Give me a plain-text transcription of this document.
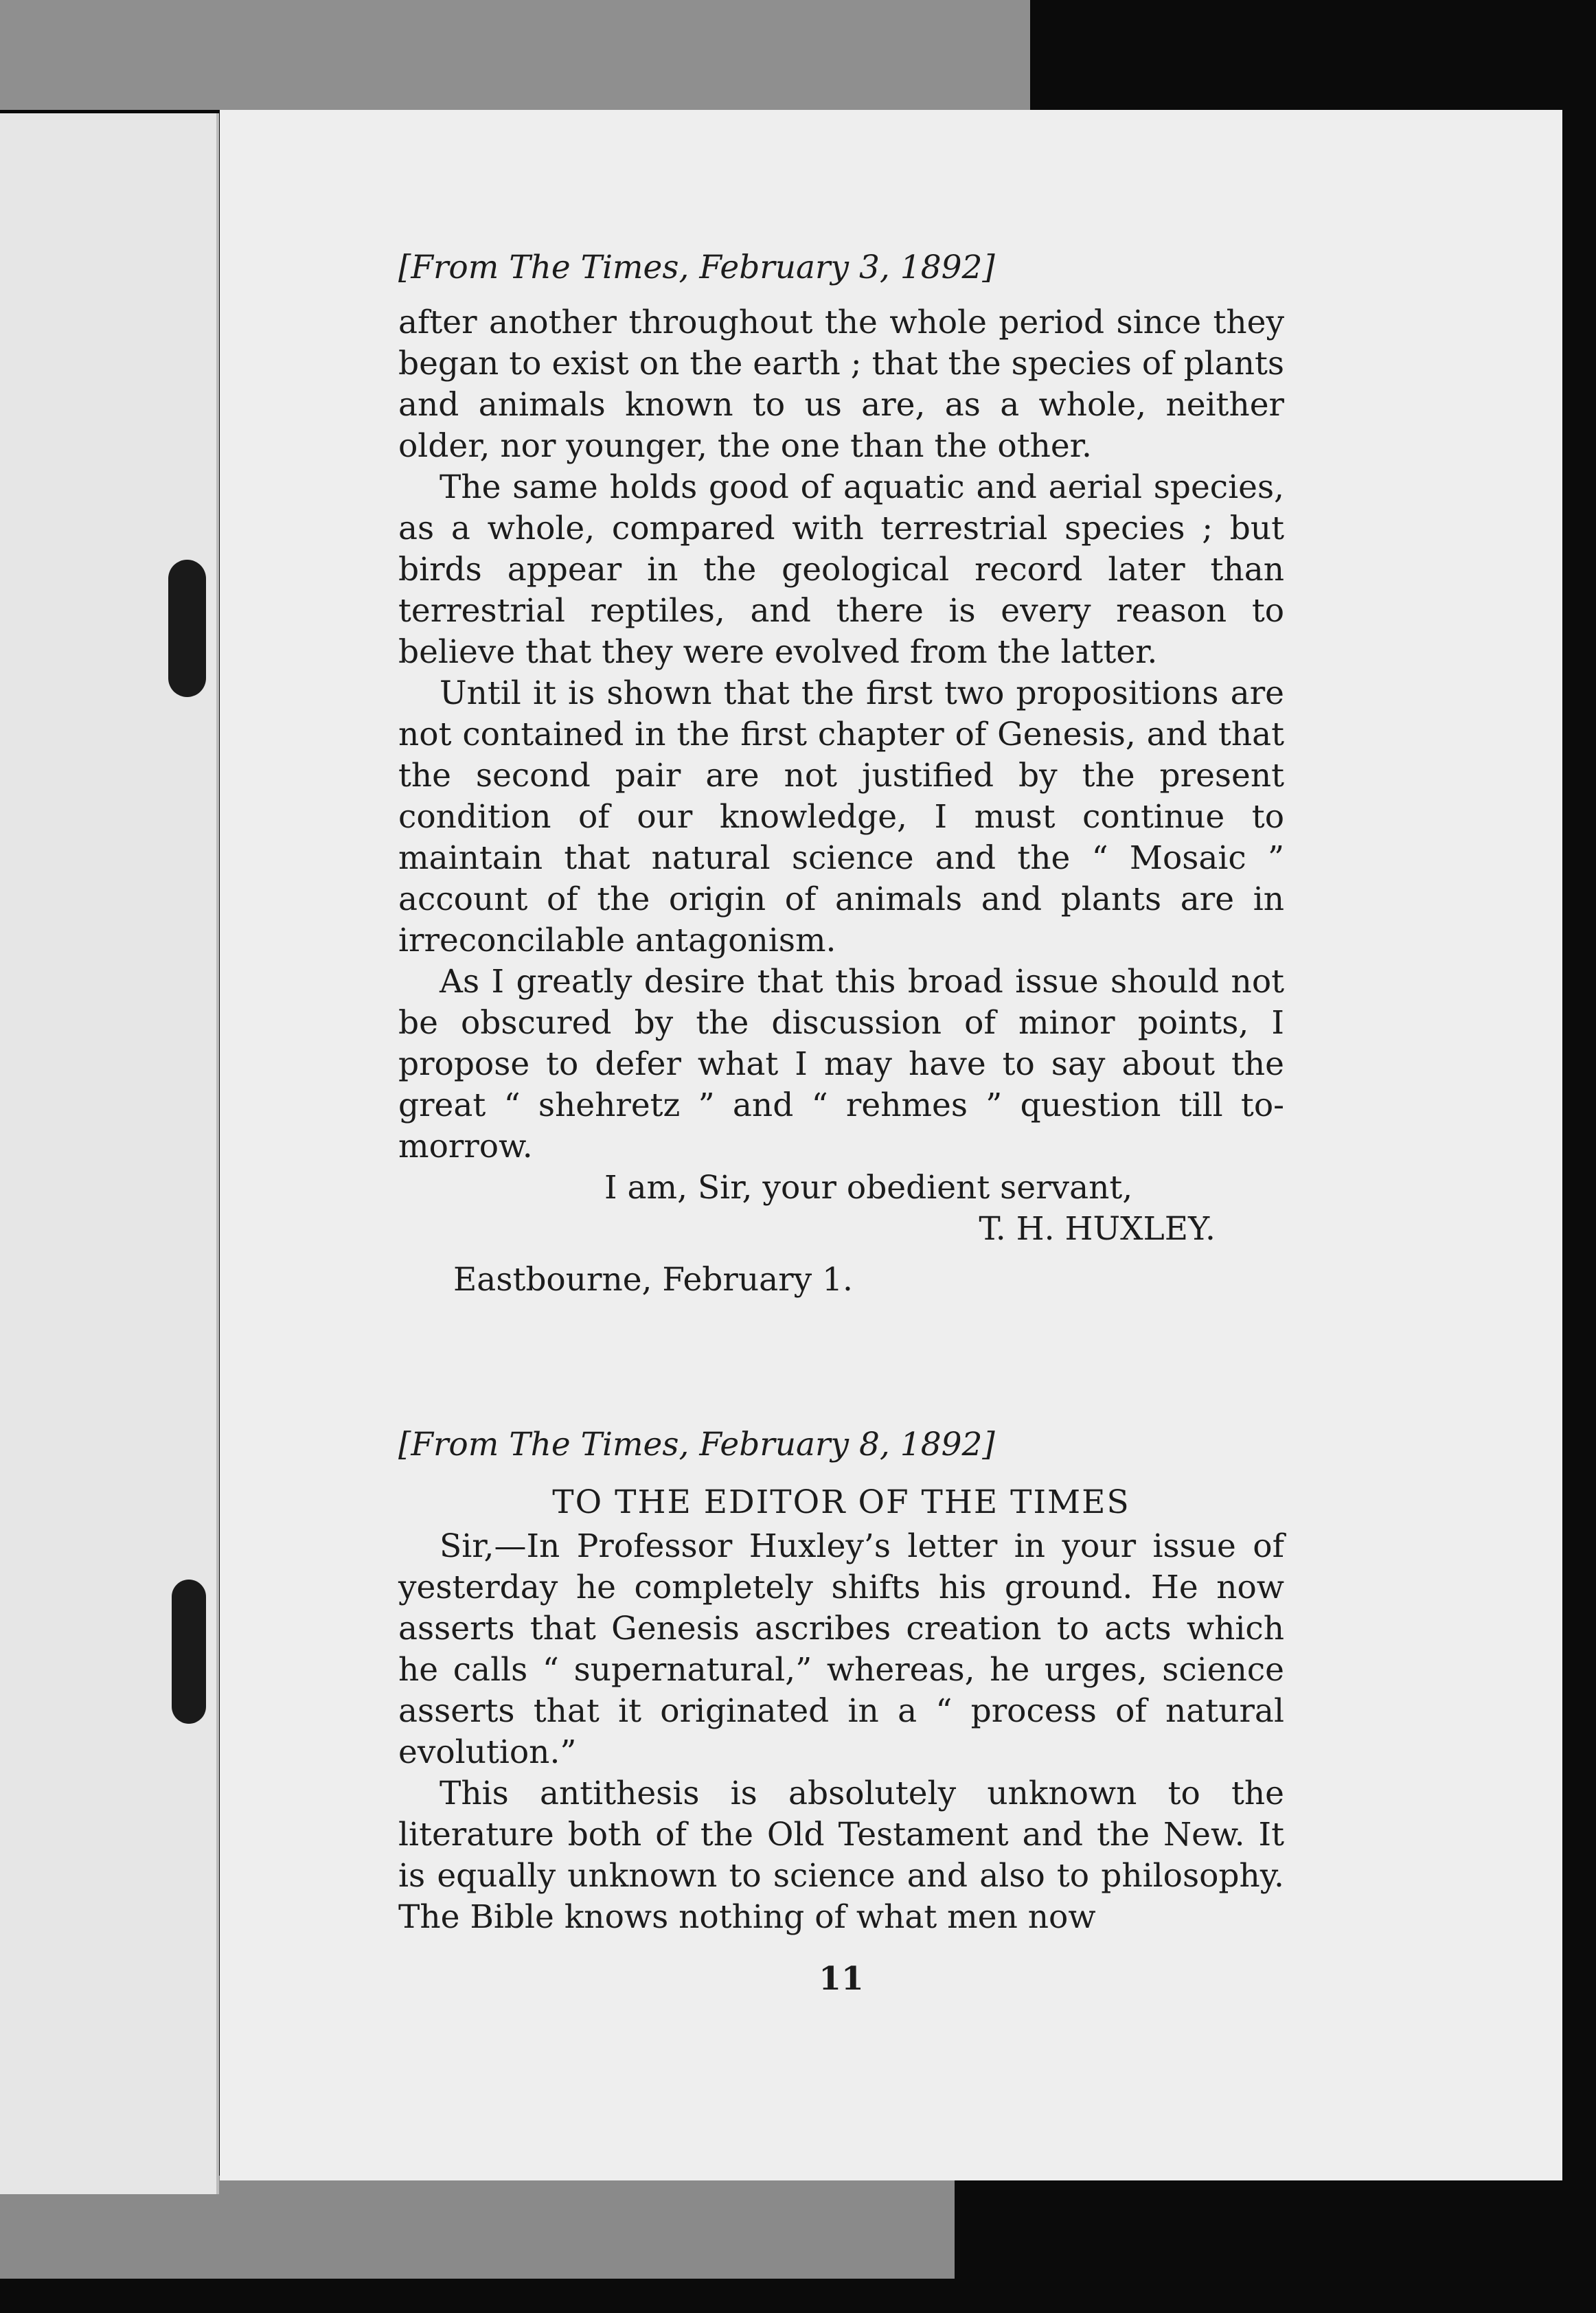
[From The Times, February 3, 1892]

after another throughout the whole period since they began to exist on the earth ; that the species of plants and animals known to us are, as a whole, neither older, nor younger, the one than the other.

The same holds good of aquatic and aerial species, as a whole, compared with terrestrial species ; but birds appear in the geological record later than terrestrial reptiles, and there is every reason to believe that they were evolved from the latter.

Until it is shown that the first two propositions are not contained in the first chapter of Genesis, and that the second pair are not justified by the present condition of our knowledge, I must continue to maintain that natural science and the “ Mosaic ” account of the origin of animals and plants are in irreconcilable antagonism.

As I greatly desire that this broad issue should not be obscured by the discussion of minor points, I propose to defer what I may have to say about the great “ shehretz ” and “ rehmes ” question till to-morrow.

I am, Sir, your obedient servant,
T. H. HUXLEY.
Eastbourne, February 1.
[From The Times, February 8, 1892]
TO THE EDITOR OF THE TIMES

Sir,—In Professor Huxley’s letter in your issue of yesterday he completely shifts his ground. He now asserts that Genesis ascribes creation to acts which he calls “ supernatural,” whereas, he urges, science asserts that it originated in a “ process of natural evolution.”

This antithesis is absolutely unknown to the literature both of the Old Testament and the New. It is equally unknown to science and also to philosophy. The Bible knows nothing of what men now

11
